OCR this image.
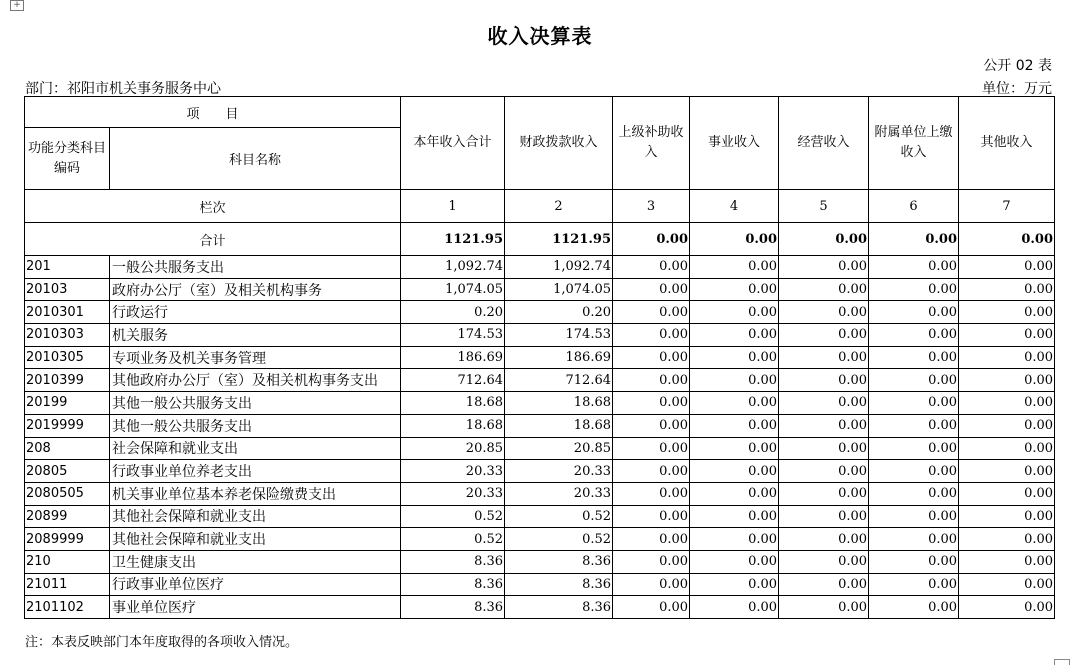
+
收入决算表
公开 02 表
部门：祁阳市机关事务服务中心	单位：万元
项　　目		本年收入合计	财政拨款收入	上级补助收入	事业收入	经营收入	附属单位上缴收入	其他收入
功能分类科目编码	科目名称							
栏次		1	2	3	4	5	6	7
合计		1121.95	1121.95	0.00	0.00	0.00	0.00	0.00
201	一般公共服务支出	1,092.74	1,092.74	0.00	0.00	0.00	0.00	0.00
20103	政府办公厅（室）及相关机构事务	1,074.05	1,074.05	0.00	0.00	0.00	0.00	0.00
2010301	行政运行	0.20	0.20	0.00	0.00	0.00	0.00	0.00
2010303	机关服务	174.53	174.53	0.00	0.00	0.00	0.00	0.00
2010305	专项业务及机关事务管理	186.69	186.69	0.00	0.00	0.00	0.00	0.00
2010399	其他政府办公厅（室）及相关机构事务支出	712.64	712.64	0.00	0.00	0.00	0.00	0.00
20199	其他一般公共服务支出	18.68	18.68	0.00	0.00	0.00	0.00	0.00
2019999	其他一般公共服务支出	18.68	18.68	0.00	0.00	0.00	0.00	0.00
208	社会保障和就业支出	20.85	20.85	0.00	0.00	0.00	0.00	0.00
20805	行政事业单位养老支出	20.33	20.33	0.00	0.00	0.00	0.00	0.00
2080505	机关事业单位基本养老保险缴费支出	20.33	20.33	0.00	0.00	0.00	0.00	0.00
20899	其他社会保障和就业支出	0.52	0.52	0.00	0.00	0.00	0.00	0.00
2089999	其他社会保障和就业支出	0.52	0.52	0.00	0.00	0.00	0.00	0.00
210	卫生健康支出	8.36	8.36	0.00	0.00	0.00	0.00	0.00
21011	行政事业单位医疗	8.36	8.36	0.00	0.00	0.00	0.00	0.00
2101102	事业单位医疗	8.36	8.36	0.00	0.00	0.00	0.00	0.00
注：本表反映部门本年度取得的各项收入情况。
